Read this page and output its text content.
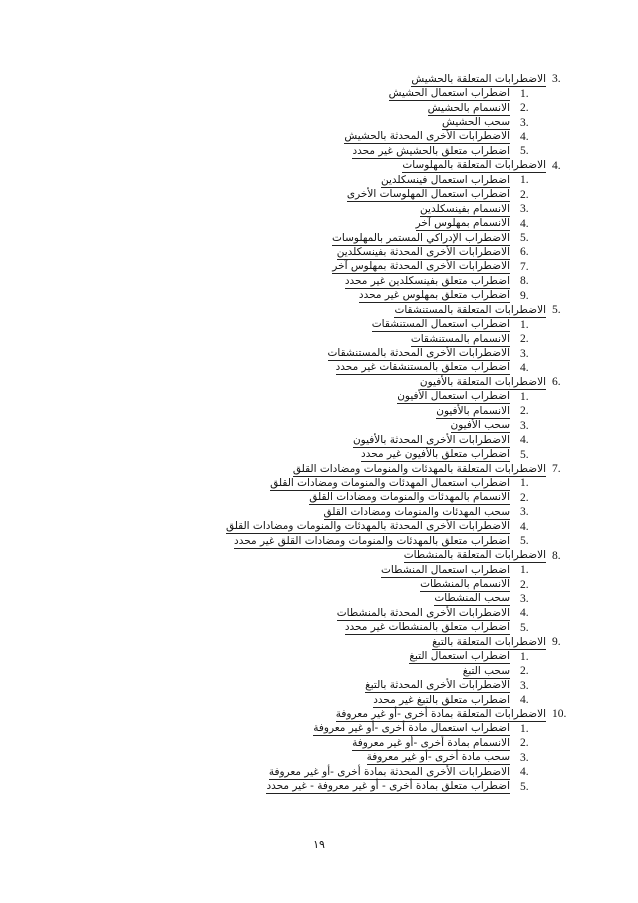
الاضطرابات المتعلقة بالحشيش 3.
اضطراب استعمال الحشيش 1.
الانسمام بالحشيش 2.
سحب الحشيش 3.
الاضطرابات الأخرى المحدثة بالحشيش 4.
اضطراب متعلق بالحشيش غير محدد 5.
الاضطرابات المتعلقة بالمهلوسات 4.
اضطراب استعمال فينسكلدين 1.
اضطراب استعمال المهلوسات الأخرى 2.
الانسمام بفينسكلدين 3.
الانسمام بمهلوس آخر 4.
الاضطراب الإدراكي المستمر بالمهلوسات 5.
الاضطرابات الأخرى المحدثة بفينسكلدين 6.
الاضطرابات الأخرى المحدثة بمهلوس آخر 7.
اضطراب متعلق بفينسكلدين غير محدد 8.
اضطراب متعلق بمهلوس غير محدد 9.
الاضطرابات المتعلقة بالمستنشقات 5.
اضطراب استعمال المستنشقات 1.
الانسمام بالمستنشقات 2.
الاضطرابات الأخرى المحدثة بالمستنشقات 3.
اضطراب متعلق بالمستنشقات غير محدد 4.
الاضطرابات المتعلقة بالأفيون 6.
اضطراب استعمال الأفيون 1.
الانسمام بالأفيون 2.
سحب الأفيون 3.
الاضطرابات الأخرى المحدثة بالأفيون 4.
اضطراب متعلق بالأفيون غير محدد 5.
الاضطرابات المتعلقة بالمهدئات والمنومات ومضادات القلق 7.
اضطراب استعمال المهدئات والمنومات ومضادات القلق 1.
الانسمام بالمهدئات والمنومات ومضادات القلق 2.
سحب المهدئات والمنومات ومضادات القلق 3.
الاضطرابات الأخرى المحدثة بالمهدئات والمنومات ومضادات القلق 4.
اضطراب متعلق بالمهدئات والمنومات ومضادات القلق غير محدد 5.
الاضطرابات المتعلقة بالمنشطات 8.
اضطراب استعمال المنشطات 1.
الانسمام بالمنشطات 2.
سحب المنشطات 3.
الاضطرابات الأخرى المحدثة بالمنشطات 4.
اضطراب متعلق بالمنشطات غير محدد 5.
الاضطرابات المتعلقة بالتبغ 9.
اضطراب استعمال التبغ 1.
سحب التبغ 2.
الاضطرابات الأخرى المحدثة بالتبغ 3.
اضطراب متعلق بالتبغ غير محدد 4.
الاضطرابات المتعلقة بمادة أخرى -أو غير معروفة 10.
اضطراب استعمال مادة أخرى -أو غير معروفة 1.
الانسمام بمادة أخرى -أو غير معروفة 2.
سحب مادة أخرى -أو غير معروفة 3.
الاضطرابات الأخرى المحدثة بمادة أخرى -أو غير معروفة 4.
اضطراب متعلق بمادة أخرى - أو غير معروفة - غير محدد 5.
١٩
